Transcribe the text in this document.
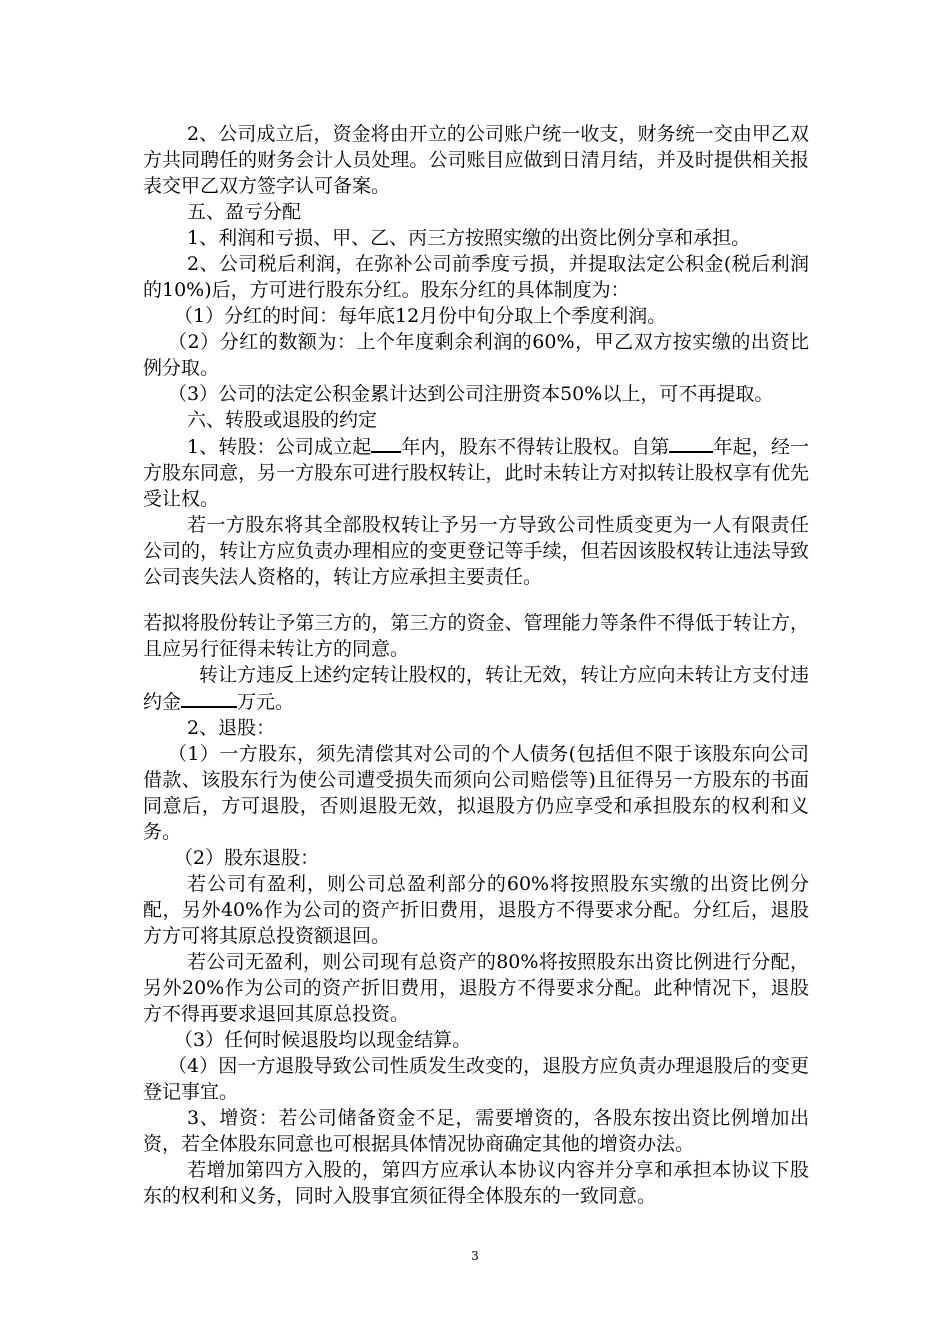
2、公司成立后，资金将由开立的公司账户统一收支，财务统一交由甲乙双方共同聘任的财务会计人员处理。公司账目应做到日清月结，并及时提供相关报表交甲乙双方签字认可备案。

五、盈亏分配

1、利润和亏损、甲、乙、丙三方按照实缴的出资比例分享和承担。

2、公司税后利润，在弥补公司前季度亏损，并提取法定公积金(税后利润的10%)后，方可进行股东分红。股东分红的具体制度为：

（1）分红的时间：每年底12月份中旬分取上个季度利润。

（2）分红的数额为：上个年度剩余利润的60%，甲乙双方按实缴的出资比例分取。

（3）公司的法定公积金累计达到公司注册资本50%以上，可不再提取。

六、转股或退股的约定

1、转股：公司成立起 年内，股东不得转让股权。自第 年起，经一方股东同意，另一方股东可进行股权转让，此时未转让方对拟转让股权享有优先受让权。

若一方股东将其全部股权转让予另一方导致公司性质变更为一人有限责任公司的，转让方应负责办理相应的变更登记等手续，但若因该股权转让违法导致公司丧失法人资格的，转让方应承担主要责任。

若拟将股份转让予第三方的，第三方的资金、管理能力等条件不得低于转让方，且应另行征得未转让方的同意。

转让方违反上述约定转让股权的，转让无效，转让方应向未转让方支付违约金	万元。

2、退股：

（1）一方股东，须先清偿其对公司的个人债务(包括但不限于该股东向公司借款、该股东行为使公司遭受损失而须向公司赔偿等)且征得另一方股东的书面同意后，方可退股，否则退股无效，拟退股方仍应享受和承担股东的权利和义务。

（2）股东退股：

若公司有盈利，则公司总盈利部分的60%将按照股东实缴的出资比例分配，另外40%作为公司的资产折旧费用，退股方不得要求分配。分红后，退股方方可将其原总投资额退回。

若公司无盈利，则公司现有总资产的80%将按照股东出资比例进行分配，另外20%作为公司的资产折旧费用，退股方不得要求分配。此种情况下，退股方不得再要求退回其原总投资。

（3）任何时候退股均以现金结算。

（4）因一方退股导致公司性质发生改变的，退股方应负责办理退股后的变更登记事宜。

3、增资：若公司储备资金不足，需要增资的，各股东按出资比例增加出资，若全体股东同意也可根据具体情况协商确定其他的增资办法。

若增加第四方入股的，第四方应承认本协议内容并分享和承担本协议下股东的权利和义务，同时入股事宜须征得全体股东的一致同意。

3
